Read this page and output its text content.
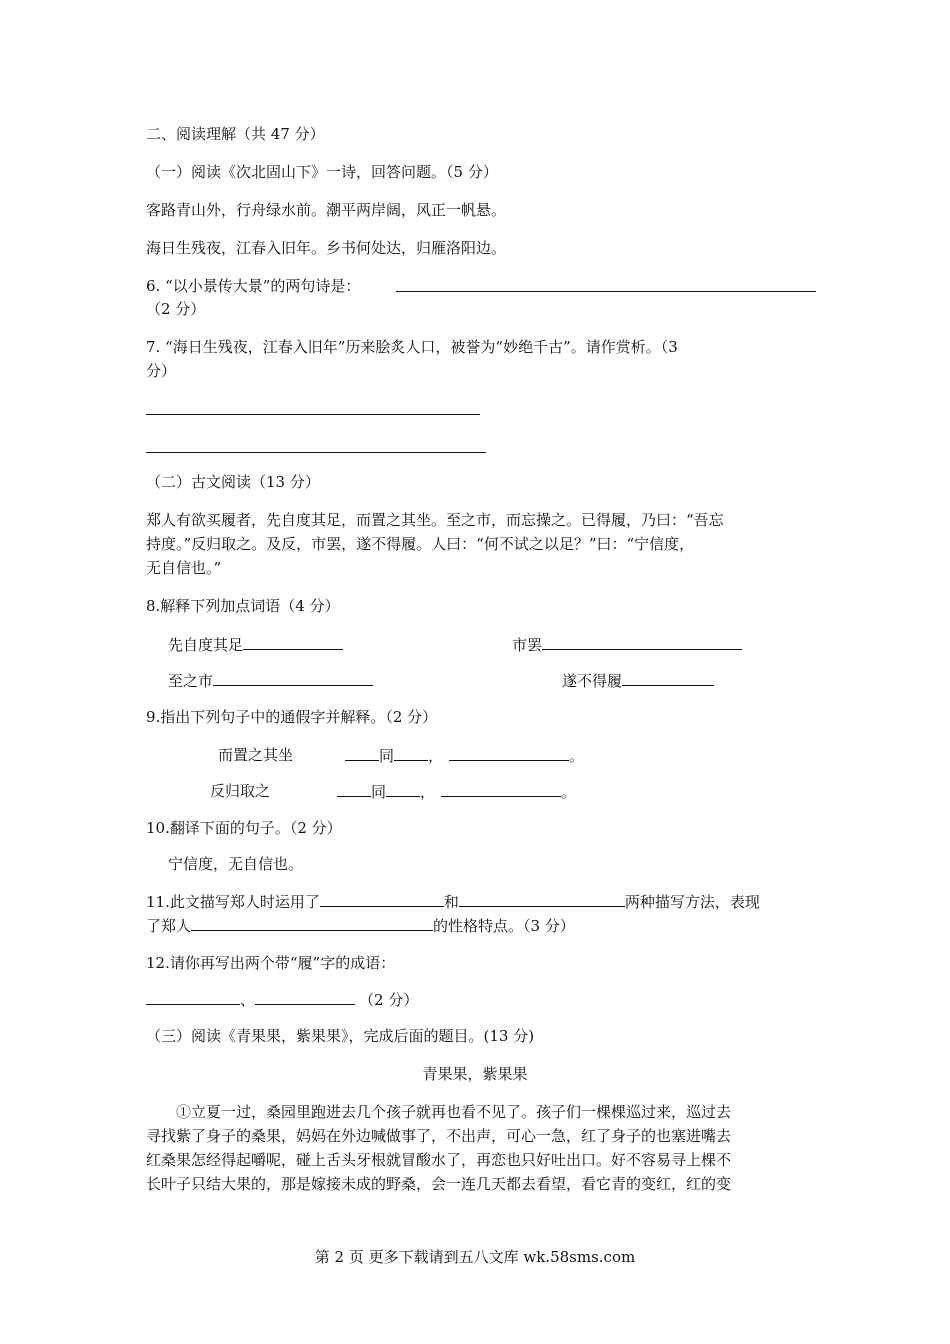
二、阅读理解（共 47 分）
（一）阅读《次北固山下》一诗，回答问题。（5 分）
客路青山外，行舟绿水前。潮平两岸阔，风正一帆悬。
海日生残夜，江春入旧年。乡书何处达，归雁洛阳边。
6. “以小景传大景”的两句诗是：
（2 分）
7. “海日生残夜，江春入旧年”历来脍炙人口，被誉为“妙绝千古”。请作赏析。（3
分）
（二）古文阅读（13 分）
郑人有欲买履者，先自度其足，而置之其坐。至之市，而忘操之。已得履，乃曰：“吾忘
持度。”反归取之。及反，市罢，遂不得履。人曰：“何不试之以足？”曰：“宁信度，
无自信也。”
8.解释下列加点词语（4 分）
先自度其足	市罢
至之市	遂不得履
9.指出下列句子中的通假字并解释。（2 分）
而置之其坐	同 ，	。
反归取之	同 ，	。
10.翻译下面的句子。（2 分）
宁信度，无自信也。
11.此文描写郑人时运用了	和	两种描写方法，表现
了郑人	的性格特点。（3 分）
12.请你再写出两个带“履”字的成语：
、	（2 分）
（三）阅读《青果果，紫果果》，完成后面的题目。(13 分)
青果果，紫果果
①立夏一过，桑园里跑进去几个孩子就再也看不见了。孩子们一棵棵巡过来，巡过去
寻找紫了身子的桑果，妈妈在外边喊做事了，不出声，可心一急，红了身子的也塞进嘴去
红桑果怎经得起嚼呢，碰上舌头牙根就冒酸水了，再恋也只好吐出口。好不容易寻上棵不
长叶子只结大果的，那是嫁接未成的野桑，会一连几天都去看望，看它青的变红，红的变
第 2 页 更多下载请到五八文库 wk.58sms.com
